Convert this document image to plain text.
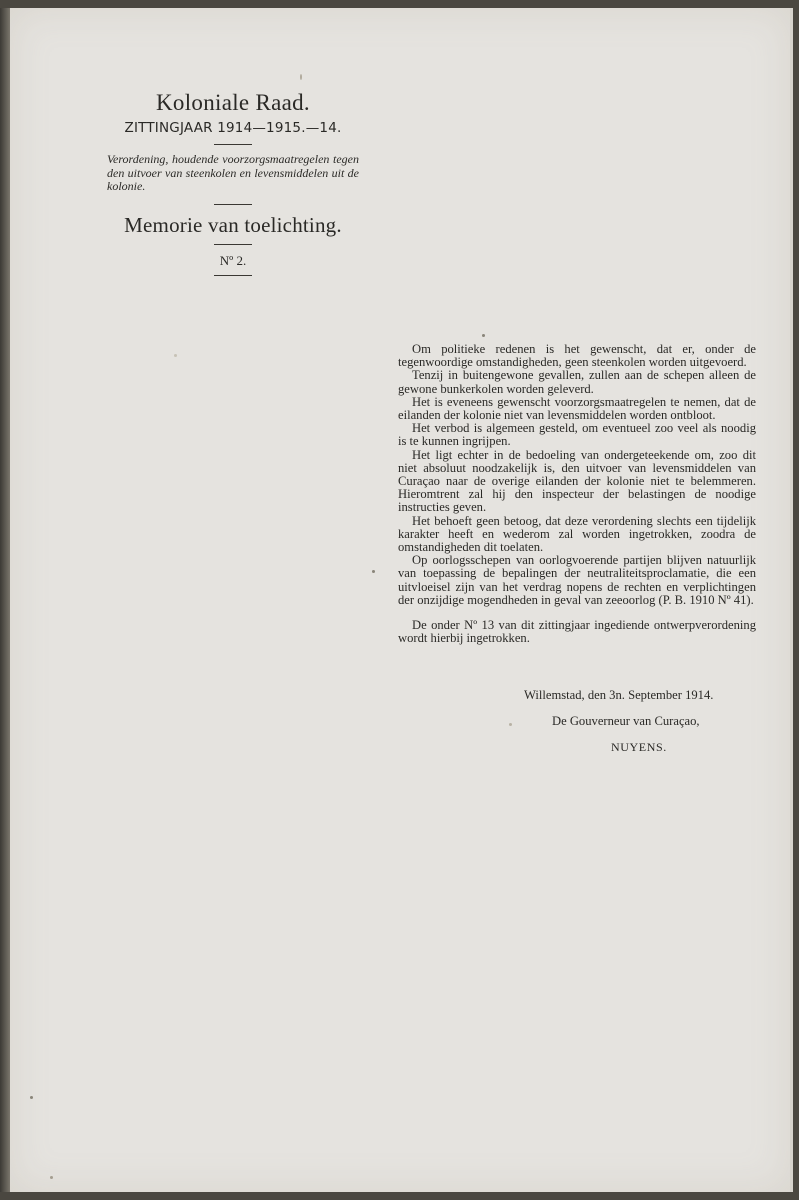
Koloniale Raad.
ZITTINGJAAR 1914—1915.—14.
Verordening, houdende voorzorgsmaatregelen tegen den uitvoer van steenkolen en levensmiddelen uit de kolonie.
Memorie van toelichting.
Nº 2.

Om politieke redenen is het gewenscht, dat er, onder de tegenwoordige omstandigheden, geen steenkolen worden uitgevoerd.

Tenzij in buitengewone gevallen, zullen aan de schepen alleen de gewone bunkerkolen worden geleverd.

Het is eveneens gewenscht voorzorgsmaatregelen te nemen, dat de eilanden der kolonie niet van levensmiddelen worden ontbloot.

Het verbod is algemeen gesteld, om eventueel zoo veel als noodig is te kunnen ingrijpen.

Het ligt echter in de bedoeling van ondergeteekende om, zoo dit niet absoluut noodzakelijk is, den uitvoer van levensmiddelen van Curaçao naar de overige eilanden der kolonie niet te belemmeren. Hieromtrent zal hij den inspecteur der belastingen de noodige instructies geven.

Het behoeft geen betoog, dat deze verordening slechts een tijdelijk karakter heeft en wederom zal worden ingetrokken, zoodra de omstandigheden dit toelaten.

Op oorlogsschepen van oorlogvoerende partijen blijven natuurlijk van toepassing de bepalingen der neutraliteitsproclamatie, die een uitvloeisel zijn van het verdrag nopens de rechten en verplichtingen der onzijdige mogendheden in geval van zeeoorlog (P. B. 1910 Nº 41).

De onder Nº 13 van dit zittingjaar ingediende ontwerpverordening wordt hierbij ingetrokken.

Willemstad, den 3n. September 1914.
De Gouverneur van Curaçao,
NUYENS.
